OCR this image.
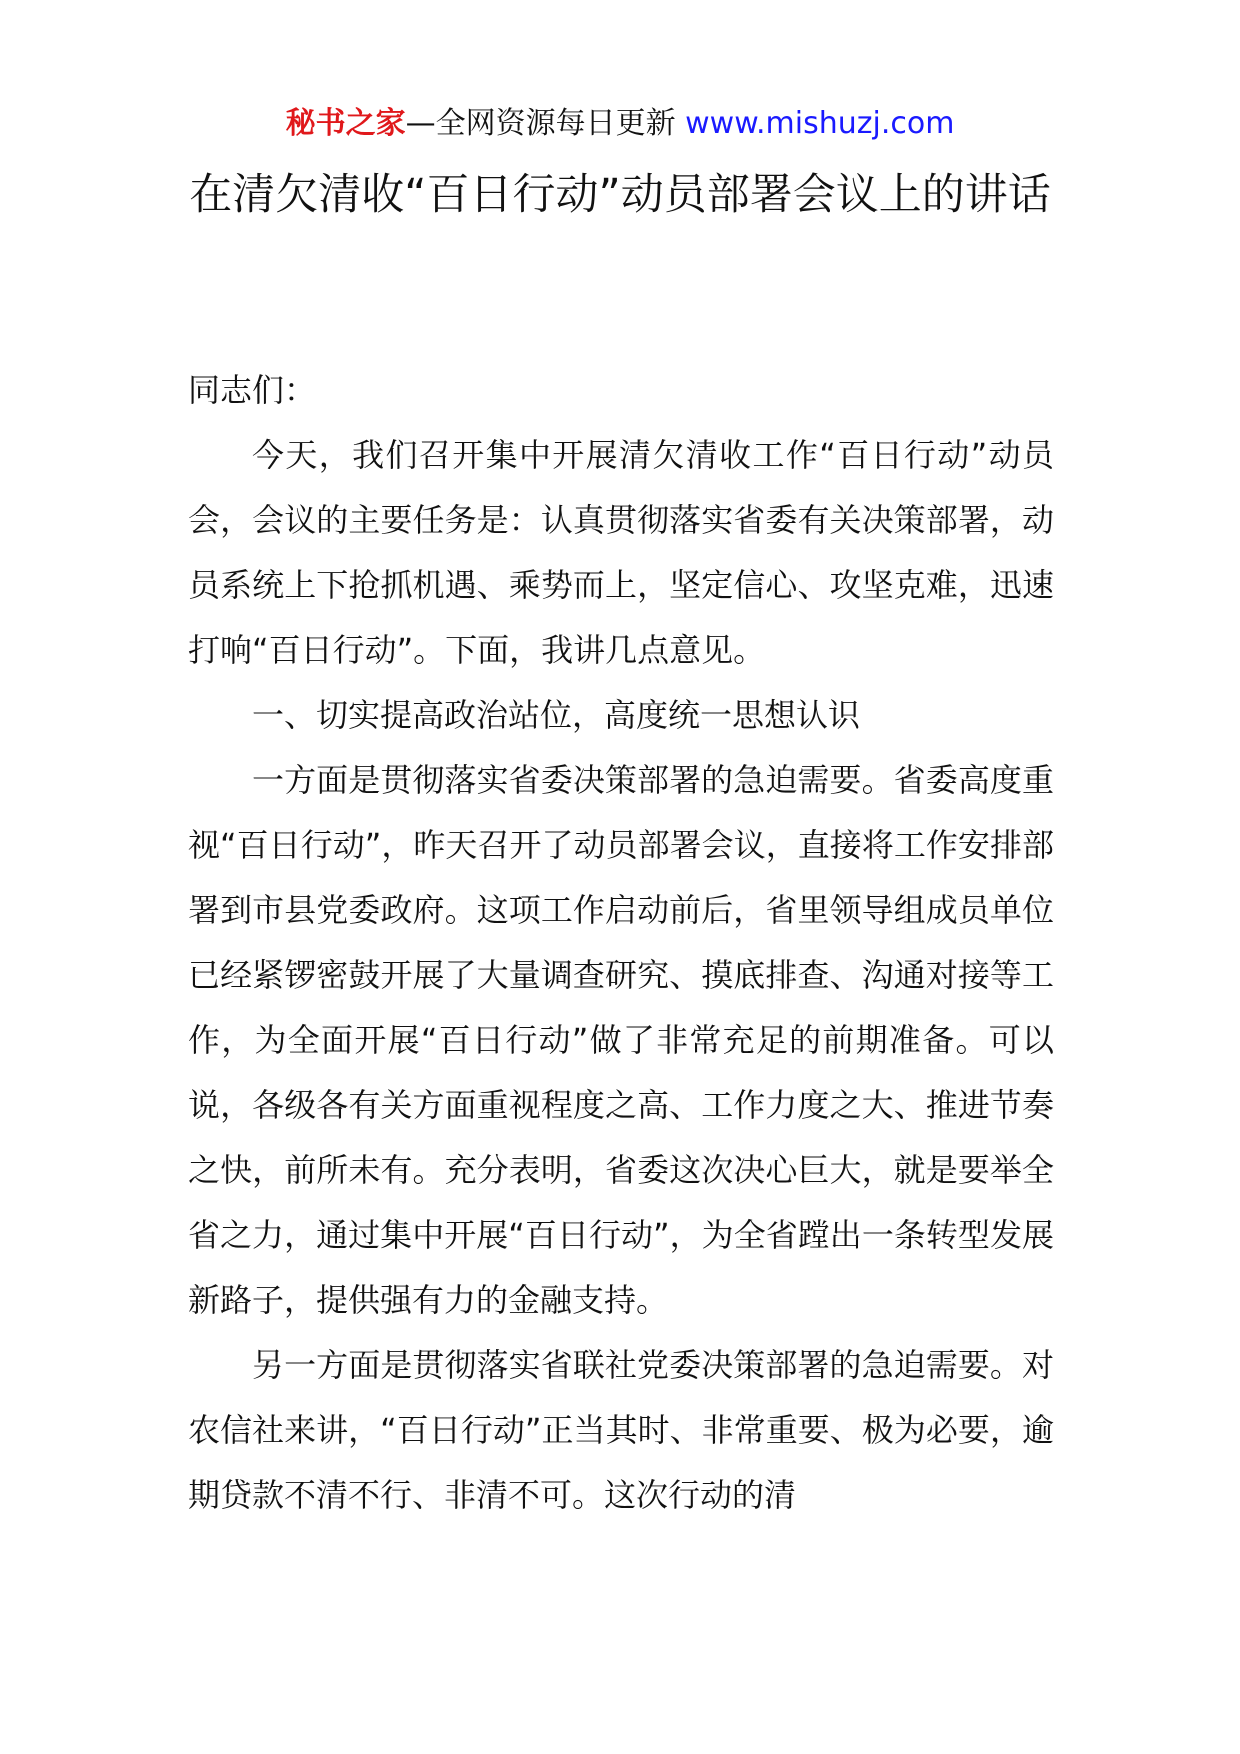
秘书之家—全网资源每日更新 www.mishuzj.com
在清欠清收“百日行动”动员部署会议上的讲话

同志们：

今天，我们召开集中开展清欠清收工作“百日行动”动员会，会议的主要任务是：认真贯彻落实省委有关决策部署，动员系统上下抢抓机遇、乘势而上，坚定信心、攻坚克难，迅速打响“百日行动”。下面，我讲几点意见。

一、切实提高政治站位，高度统一思想认识

一方面是贯彻落实省委决策部署的急迫需要。省委高度重视“百日行动”，昨天召开了动员部署会议，直接将工作安排部署到市县党委政府。这项工作启动前后，省里领导组成员单位已经紧锣密鼓开展了大量调查研究、摸底排查、沟通对接等工作，为全面开展“百日行动”做了非常充足的前期准备。可以说，各级各有关方面重视程度之高、工作力度之大、推进节奏之快，前所未有。充分表明，省委这次决心巨大，就是要举全省之力，通过集中开展“百日行动”，为全省蹚出一条转型发展新路子，提供强有力的金融支持。

另一方面是贯彻落实省联社党委决策部署的急迫需要。对农信社来讲，“百日行动”正当其时、非常重要、极为必要，逾期贷款不清不行、非清不可。这次行动的清
